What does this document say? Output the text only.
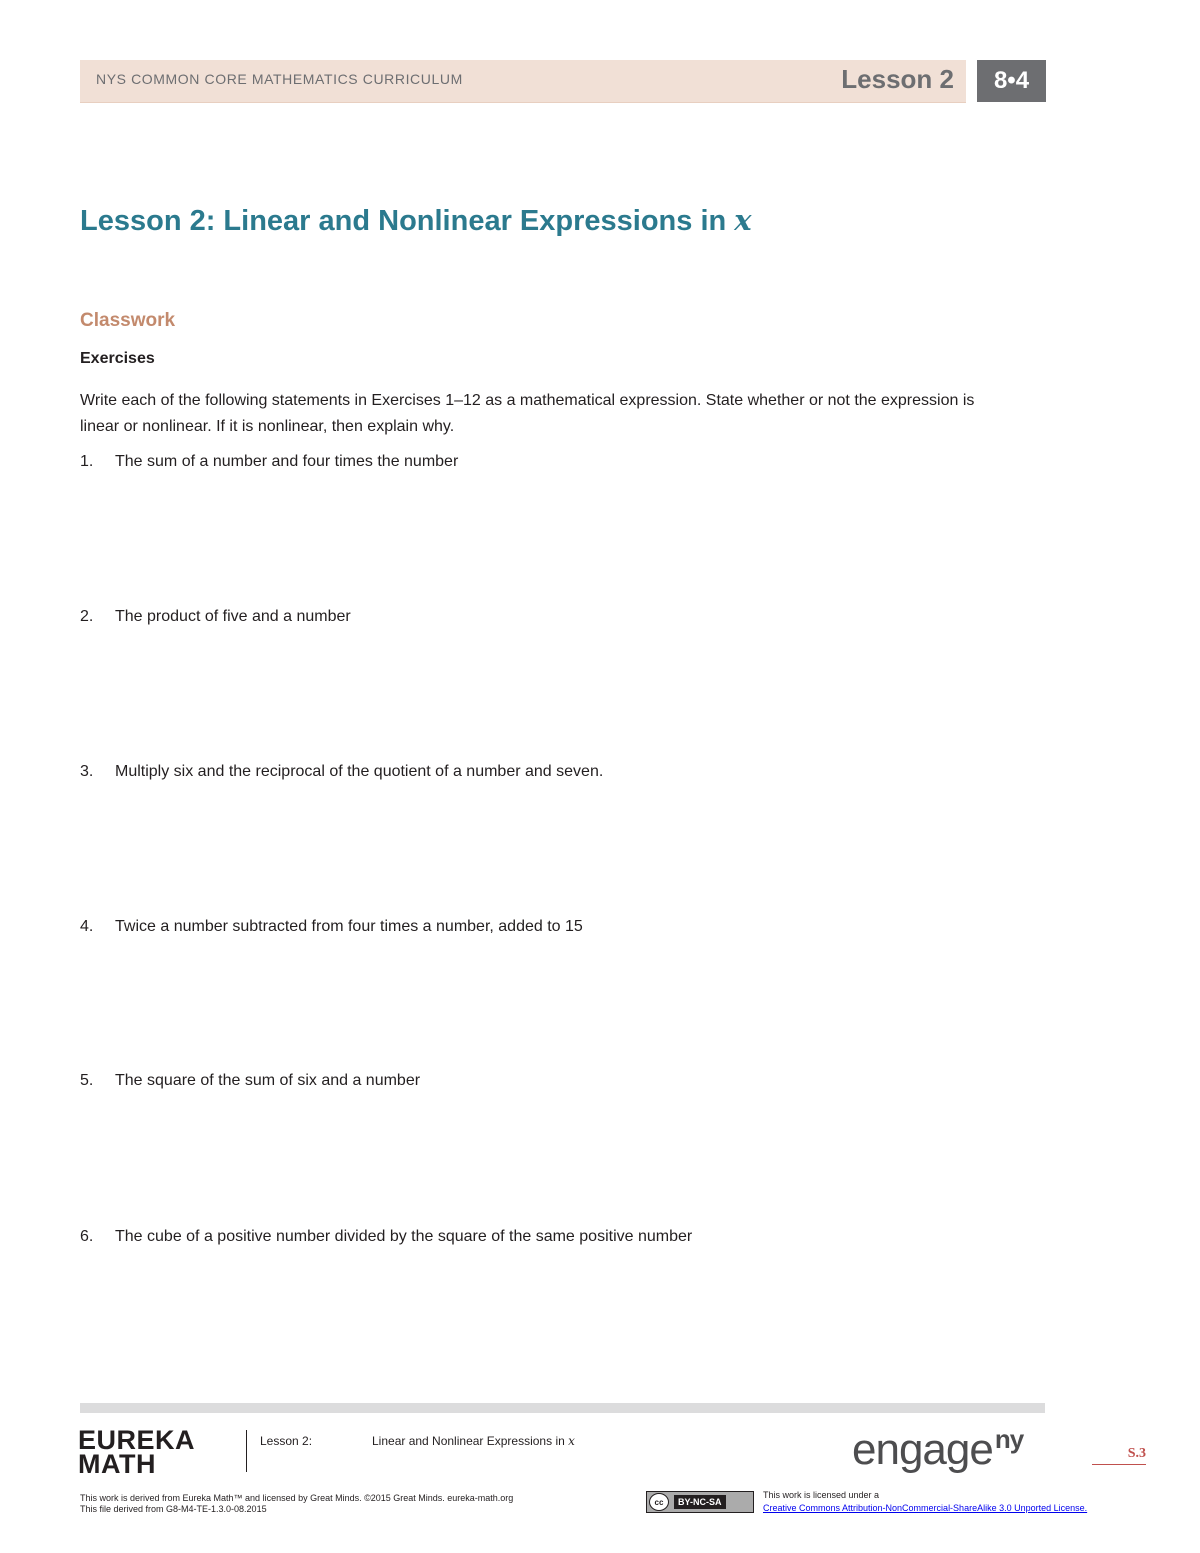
NYS COMMON CORE MATHEMATICS CURRICULUM	Lesson 2	8•4
Lesson 2: Linear and Nonlinear Expressions in x
Classwork
Exercises

Write each of the following statements in Exercises 1–12 as a mathematical expression. State whether or not the expression is linear or nonlinear. If it is nonlinear, then explain why.

1.	The sum of a number and four times the number
2.	The product of five and a number
3.	Multiply six and the reciprocal of the quotient of a number and seven.
4.	Twice a number subtracted from four times a number, added to 15
5.	The square of the sum of six and a number
6.	The cube of a positive number divided by the square of the same positive number
EUREKA
MATH
Lesson 2:	Linear and Nonlinear Expressions in x	engage$^{ny}$	S.3
This work is derived from Eureka Math™ and licensed by Great Minds. ©2015 Great Minds. eureka-math.org
This file derived from G8-M4-TE-1.3.0-08.2015
cc	BY-NC-SA
This work is licensed under a
Creative Commons Attribution-NonCommercial-ShareAlike 3.0 Unported License.
